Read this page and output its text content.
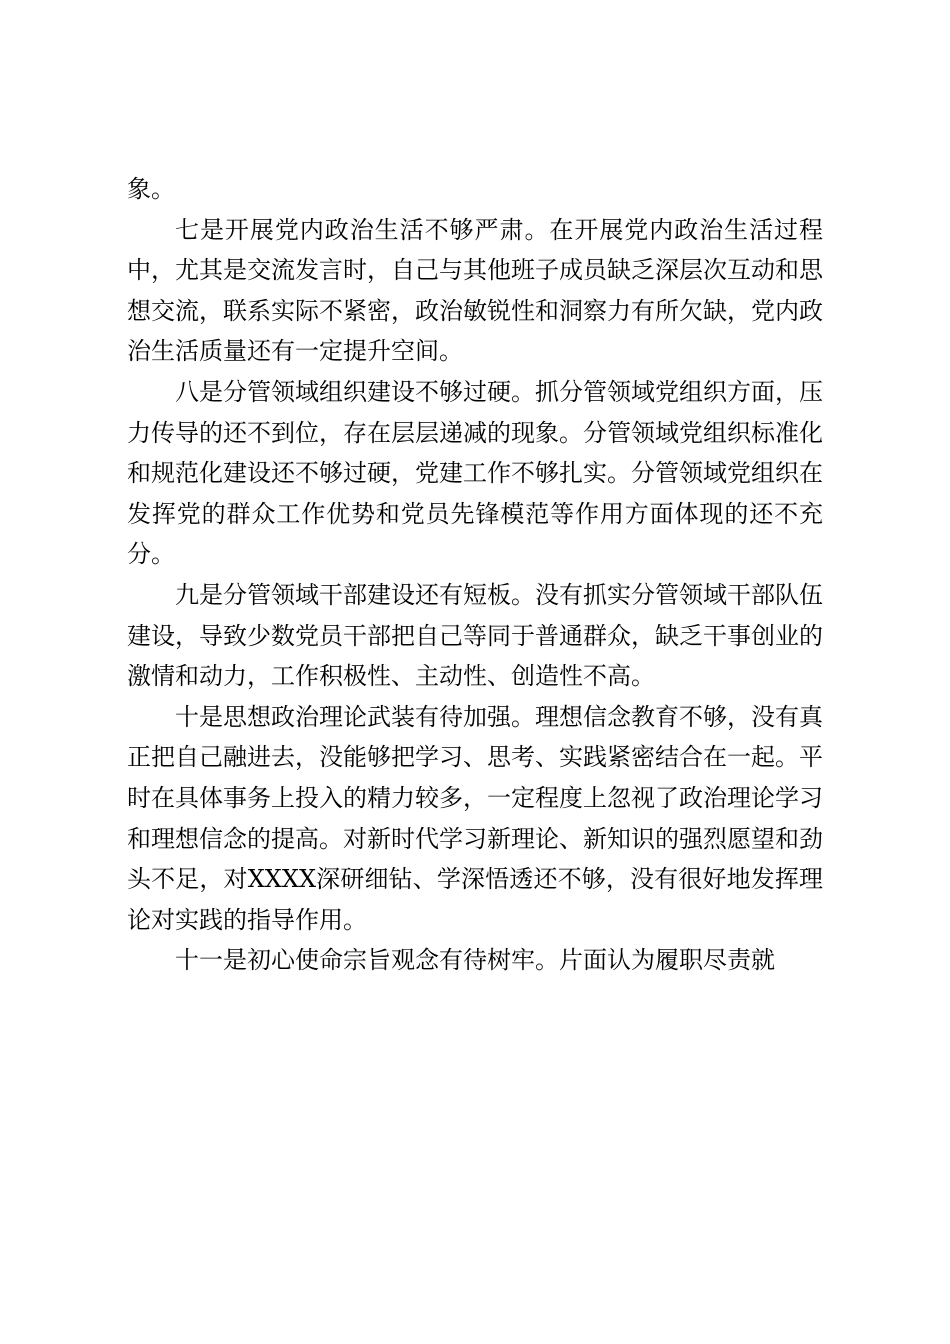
象。

七是开展党内政治生活不够严肃。在开展党内政治生活过程中，尤其是交流发言时，自己与其他班子成员缺乏深层次互动和思想交流，联系实际不紧密，政治敏锐性和洞察力有所欠缺，党内政治生活质量还有一定提升空间。

八是分管领域组织建设不够过硬。抓分管领域党组织方面，压力传导的还不到位，存在层层递减的现象。分管领域党组织标准化和规范化建设还不够过硬，党建工作不够扎实。分管领域党组织在发挥党的群众工作优势和党员先锋模范等作用方面体现的还不充分。

九是分管领域干部建设还有短板。没有抓实分管领域干部队伍建设，导致少数党员干部把自己等同于普通群众，缺乏干事创业的激情和动力，工作积极性、主动性、创造性不高。

十是思想政治理论武装有待加强。理想信念教育不够，没有真正把自己融进去，没能够把学习、思考、实践紧密结合在一起。平时在具体事务上投入的精力较多，一定程度上忽视了政治理论学习和理想信念的提高。对新时代学习新理论、新知识的强烈愿望和劲头不足，对XXXX深研细钻、学深悟透还不够，没有很好地发挥理论对实践的指导作用。

十一是初心使命宗旨观念有待树牢。片面认为履职尽责就
